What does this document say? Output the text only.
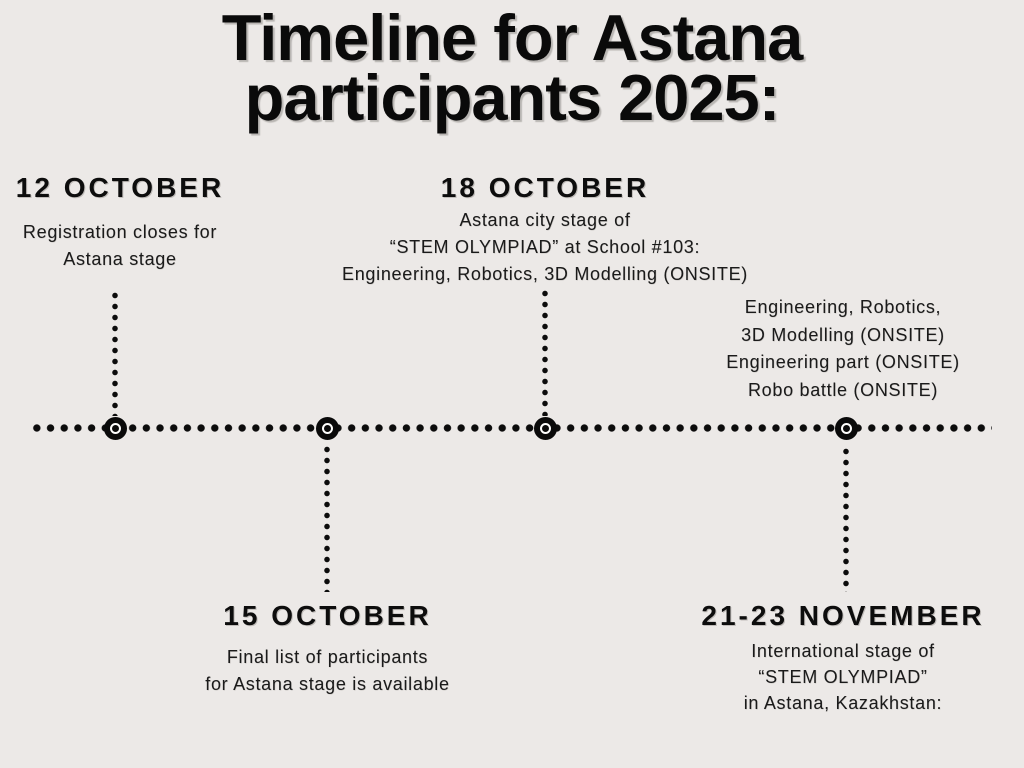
Timeline for Astana
participants 2025:
12 OCTOBER
Registration closes for
Astana stage
18 OCTOBER
Astana city stage of
“STEM OLYMPIAD” at School #103:
Engineering, Robotics, 3D Modelling (ONSITE)
Engineering, Robotics,
3D Modelling (ONSITE)
Engineering part (ONSITE)
Robo battle (ONSITE)
15 OCTOBER
Final list of participants
for Astana stage is available
21-23 NOVEMBER
International stage of
“STEM OLYMPIAD”
in Astana, Kazakhstan:
